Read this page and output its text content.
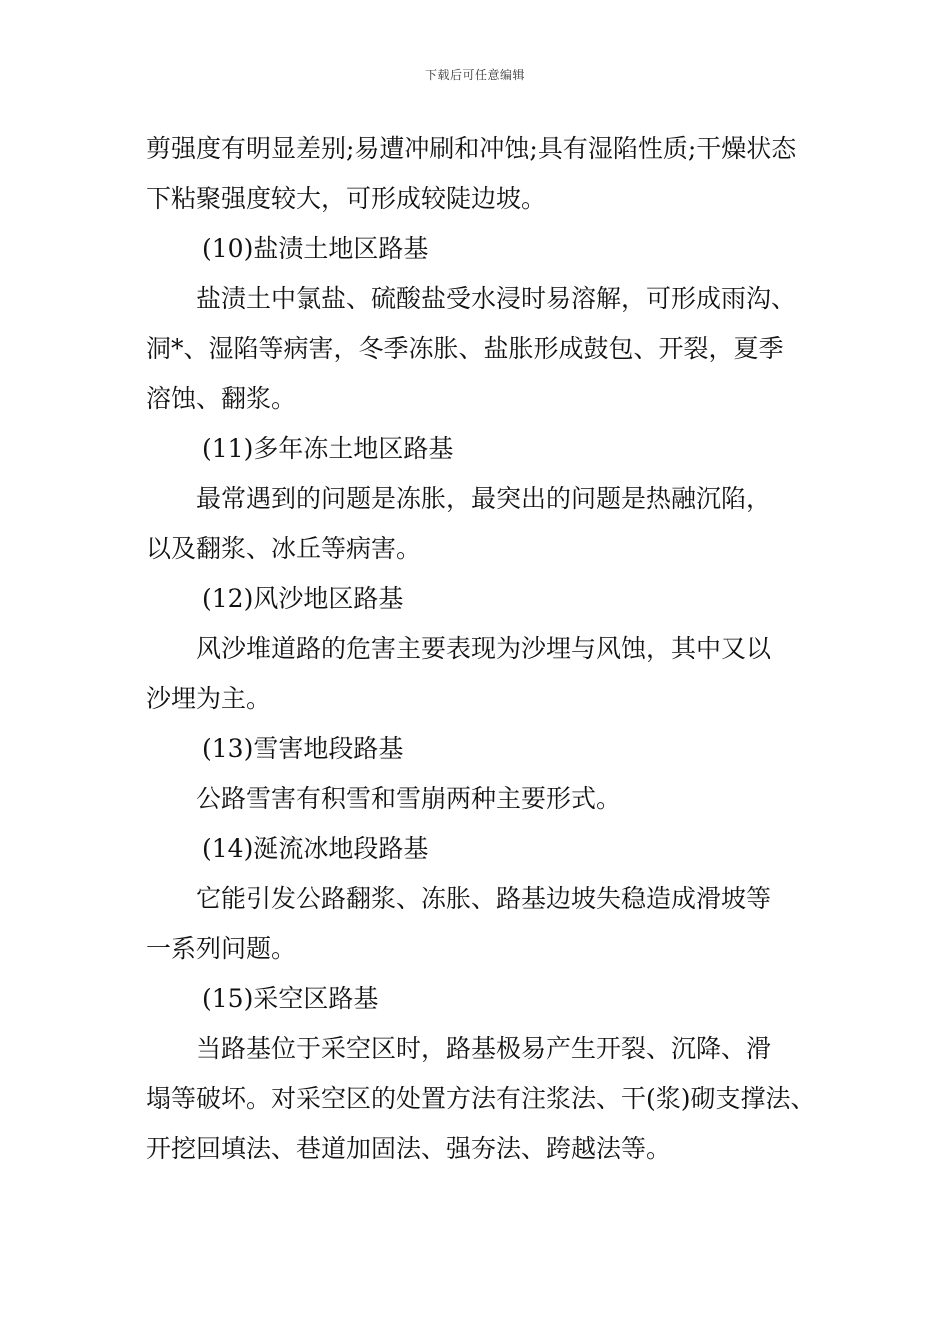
下载后可任意编辑
剪强度有明显差别;易遭冲刷和冲蚀;具有湿陷性质;干燥状态
下粘聚强度较大，可形成较陡边坡。
(10)盐渍土地区路基
盐渍土中氯盐、硫酸盐受水浸时易溶解，可形成雨沟、
洞*、湿陷等病害，冬季冻胀、盐胀形成鼓包、开裂，夏季
溶蚀、翻浆。
(11)多年冻土地区路基
最常遇到的问题是冻胀，最突出的问题是热融沉陷，
以及翻浆、冰丘等病害。
(12)风沙地区路基
风沙堆道路的危害主要表现为沙埋与风蚀，其中又以
沙埋为主。
(13)雪害地段路基
公路雪害有积雪和雪崩两种主要形式。
(14)涎流冰地段路基
它能引发公路翻浆、冻胀、路基边坡失稳造成滑坡等
一系列问题。
(15)采空区路基
当路基位于采空区时，路基极易产生开裂、沉降、滑
塌等破坏。对采空区的处置方法有注浆法、干(浆)砌支撑法、
开挖回填法、巷道加固法、强夯法、跨越法等。
